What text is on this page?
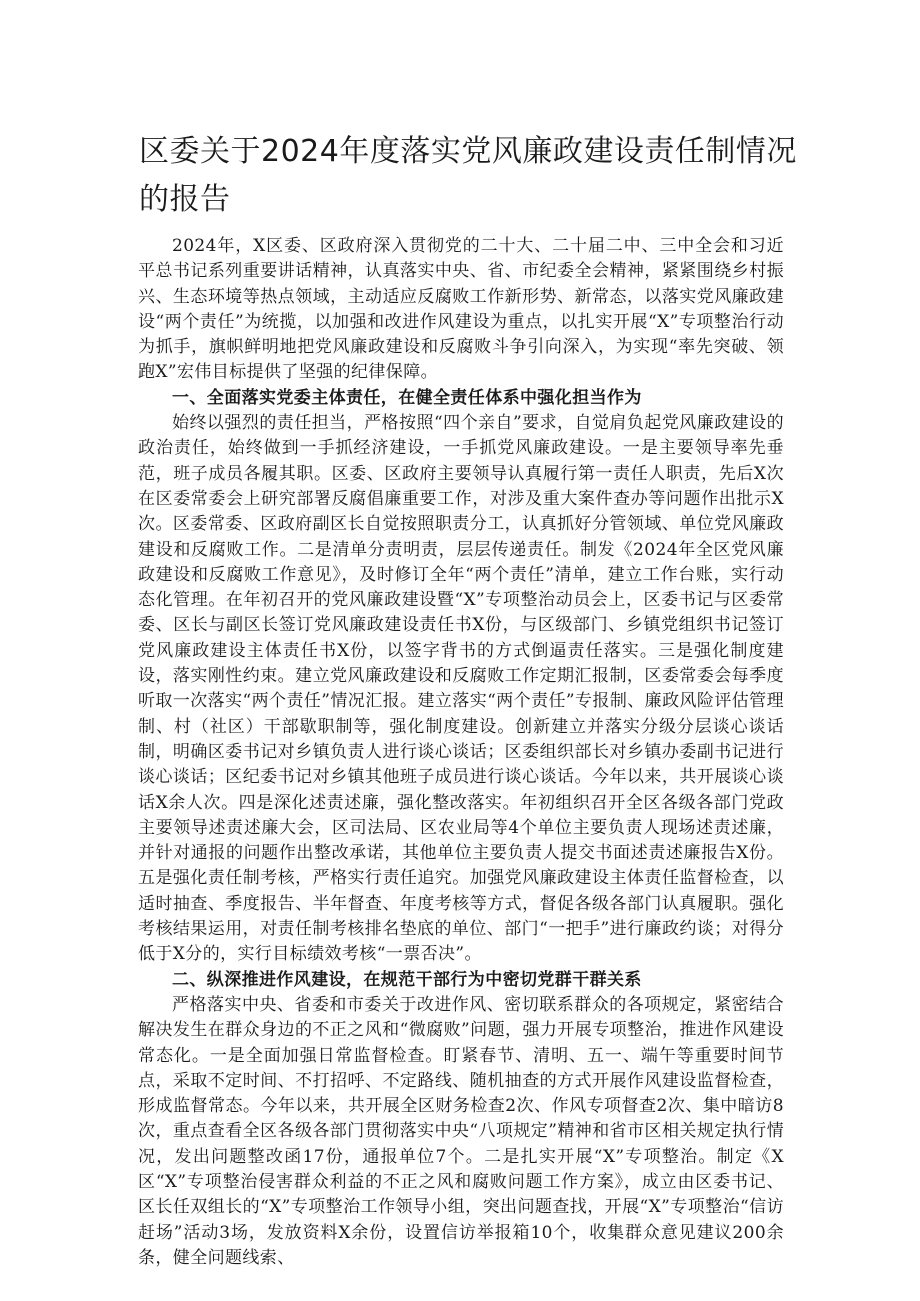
区委关于2024年度落实党风廉政建设责任制情况的报告

2024年，X区委、区政府深入贯彻党的二十大、二十届二中、三中全会和习近平总书记系列重要讲话精神，认真落实中央、省、市纪委全会精神，紧紧围绕乡村振兴、生态环境等热点领域，主动适应反腐败工作新形势、新常态，以落实党风廉政建设“两个责任”为统揽，以加强和改进作风建设为重点，以扎实开展“X”专项整治行动为抓手，旗帜鲜明地把党风廉政建设和反腐败斗争引向深入，为实现“率先突破、领跑X”宏伟目标提供了坚强的纪律保障。

一、全面落实党委主体责任，在健全责任体系中强化担当作为

始终以强烈的责任担当，严格按照“四个亲自”要求，自觉肩负起党风廉政建设的政治责任，始终做到一手抓经济建设，一手抓党风廉政建设。一是主要领导率先垂范，班子成员各履其职。区委、区政府主要领导认真履行第一责任人职责，先后X次在区委常委会上研究部署反腐倡廉重要工作，对涉及重大案件查办等问题作出批示X次。区委常委、区政府副区长自觉按照职责分工，认真抓好分管领域、单位党风廉政建设和反腐败工作。二是清单分责明责，层层传递责任。制发《2024年全区党风廉政建设和反腐败工作意见》，及时修订全年“两个责任”清单，建立工作台账，实行动态化管理。在年初召开的党风廉政建设暨“X”专项整治动员会上，区委书记与区委常委、区长与副区长签订党风廉政建设责任书X份，与区级部门、乡镇党组织书记签订党风廉政建设主体责任书X份，以签字背书的方式倒逼责任落实。三是强化制度建设，落实刚性约束。建立党风廉政建设和反腐败工作定期汇报制，区委常委会每季度听取一次落实“两个责任”情况汇报。建立落实“两个责任”专报制、廉政风险评估管理制、村（社区）干部歇职制等，强化制度建设。创新建立并落实分级分层谈心谈话制，明确区委书记对乡镇负责人进行谈心谈话；区委组织部长对乡镇办委副书记进行谈心谈话；区纪委书记对乡镇其他班子成员进行谈心谈话。今年以来，共开展谈心谈话X余人次。四是深化述责述廉，强化整改落实。年初组织召开全区各级各部门党政主要领导述责述廉大会，区司法局、区农业局等4个单位主要负责人现场述责述廉，并针对通报的问题作出整改承诺，其他单位主要负责人提交书面述责述廉报告X份。五是强化责任制考核，严格实行责任追究。加强党风廉政建设主体责任监督检查，以适时抽查、季度报告、半年督查、年度考核等方式，督促各级各部门认真履职。强化考核结果运用，对责任制考核排名垫底的单位、部门“一把手”进行廉政约谈；对得分低于X分的，实行目标绩效考核“一票否决”。

二、纵深推进作风建设，在规范干部行为中密切党群干群关系

严格落实中央、省委和市委关于改进作风、密切联系群众的各项规定，紧密结合解决发生在群众身边的不正之风和“微腐败”问题，强力开展专项整治，推进作风建设常态化。一是全面加强日常监督检查。盯紧春节、清明、五一、端午等重要时间节点，采取不定时间、不打招呼、不定路线、随机抽查的方式开展作风建设监督检查，形成监督常态。今年以来，共开展全区财务检查2次、作风专项督查2次、集中暗访8次，重点查看全区各级各部门贯彻落实中央“八项规定”精神和省市区相关规定执行情况，发出问题整改函17份，通报单位7个。二是扎实开展“X”专项整治。制定《X区“X”专项整治侵害群众利益的不正之风和腐败问题工作方案》，成立由区委书记、区长任双组长的“X”专项整治工作领导小组，突出问题查找，开展“X”专项整治“信访赶场”活动3场，发放资料X余份，设置信访举报箱10个，收集群众意见建议200余条，健全问题线索、
